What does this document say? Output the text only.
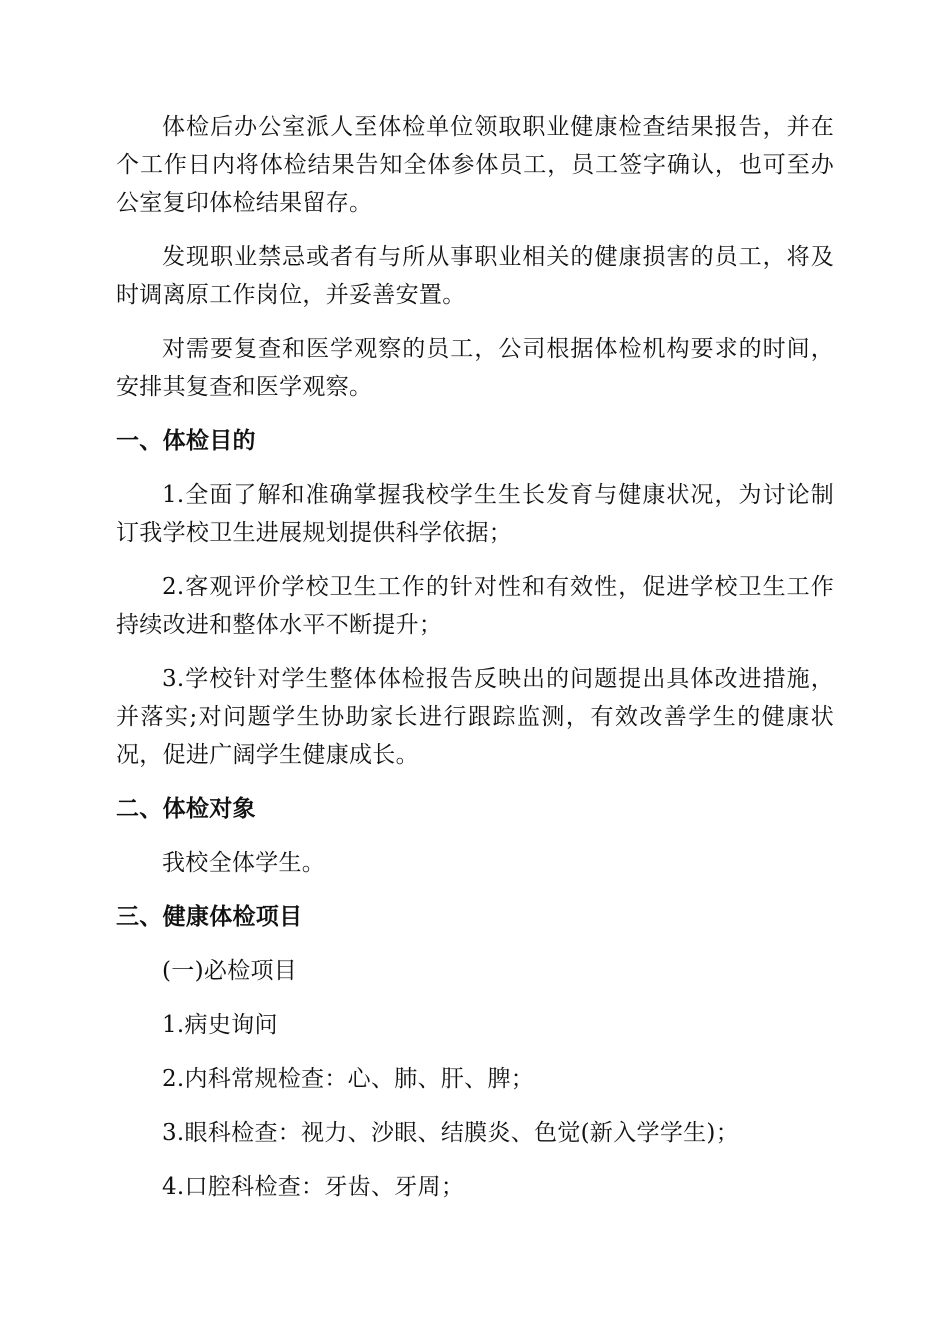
体检后办公室派人至体检单位领取职业健康检查结果报告，并在个工作日内将体检结果告知全体参体员工，员工签字确认，也可至办公室复印体检结果留存。

发现职业禁忌或者有与所从事职业相关的健康损害的员工，将及时调离原工作岗位，并妥善安置。

对需要复查和医学观察的员工，公司根据体检机构要求的时间，安排其复查和医学观察。

一、体检目的

1.全面了解和准确掌握我校学生生长发育与健康状况，为讨论制订我学校卫生进展规划提供科学依据；

2.客观评价学校卫生工作的针对性和有效性，促进学校卫生工作持续改进和整体水平不断提升；

3.学校针对学生整体体检报告反映出的问题提出具体改进措施，并落实;对问题学生协助家长进行跟踪监测，有效改善学生的健康状况，促进广阔学生健康成长。

二、体检对象

我校全体学生。

三、健康体检项目

(一)必检项目

1.病史询问

2.内科常规检查：心、肺、肝、脾；

3.眼科检查：视力、沙眼、结膜炎、色觉(新入学学生)；

4.口腔科检查：牙齿、牙周；
